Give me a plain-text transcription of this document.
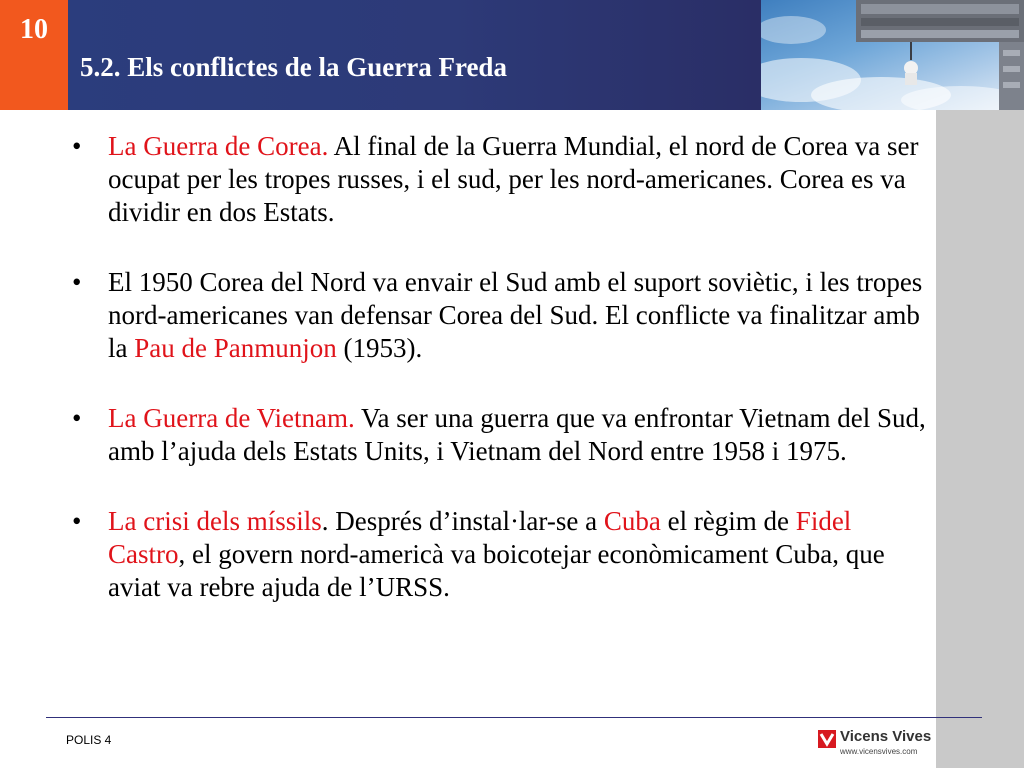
10
5.2. Els conflictes de la Guerra Freda
• La Guerra de Corea. Al final de la Guerra Mundial, el nord de Corea va ser ocupat per les tropes russes, i el sud, per les nord-americanes. Corea es va dividir en dos Estats.
• El 1950 Corea del Nord va envair el Sud amb el suport soviètic, i les tropes nord-americanes van defensar Corea del Sud. El conflicte va finalitzar amb la Pau de Panmunjon (1953).
• La Guerra de Vietnam. Va ser una guerra que va enfrontar Vietnam del Sud, amb l’ajuda dels Estats Units, i Vietnam del Nord entre 1958 i 1975.
• La crisi dels míssils. Després d’instal·lar-se a Cuba el règim de Fidel Castro, el govern nord-americà va boicotejar econòmicament Cuba, que aviat va rebre ajuda de l’URSS.
POLIS 4	Vicens Vives
www.vicensvives.com
